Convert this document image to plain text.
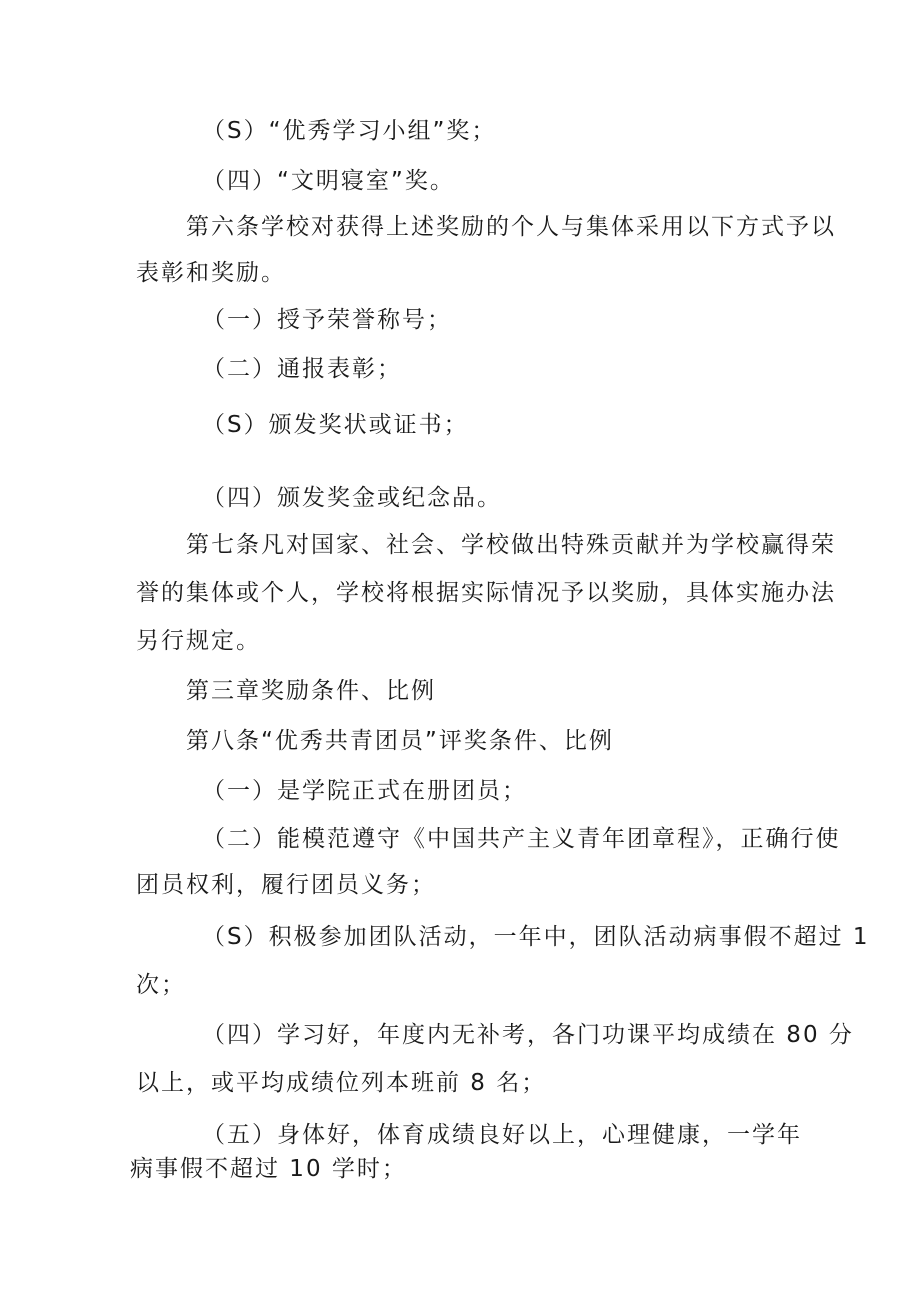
（S）“优秀学习小组”奖；
（四）“文明寝室”奖。
第六条学校对获得上述奖励的个人与集体采用以下方式予以
表彰和奖励。
（一）授予荣誉称号；
（二）通报表彰；
（S）颁发奖状或证书；
（四）颁发奖金或纪念品。
第七条凡对国家、社会、学校做出特殊贡献并为学校赢得荣
誉的集体或个人，学校将根据实际情况予以奖励，具体实施办法
另行规定。
第三章奖励条件、比例
第八条“优秀共青团员”评奖条件、比例
（一）是学院正式在册团员；
（二）能模范遵守《中国共产主义青年团章程》，正确行使
团员权利，履行团员义务；
（S）积极参加团队活动，一年中，团队活动病事假不超过 1
次；
（四）学习好，年度内无补考，各门功课平均成绩在 80 分
以上，或平均成绩位列本班前 8 名；
（五）身体好，体育成绩良好以上，心理健康，一学年
病事假不超过 10 学时；
